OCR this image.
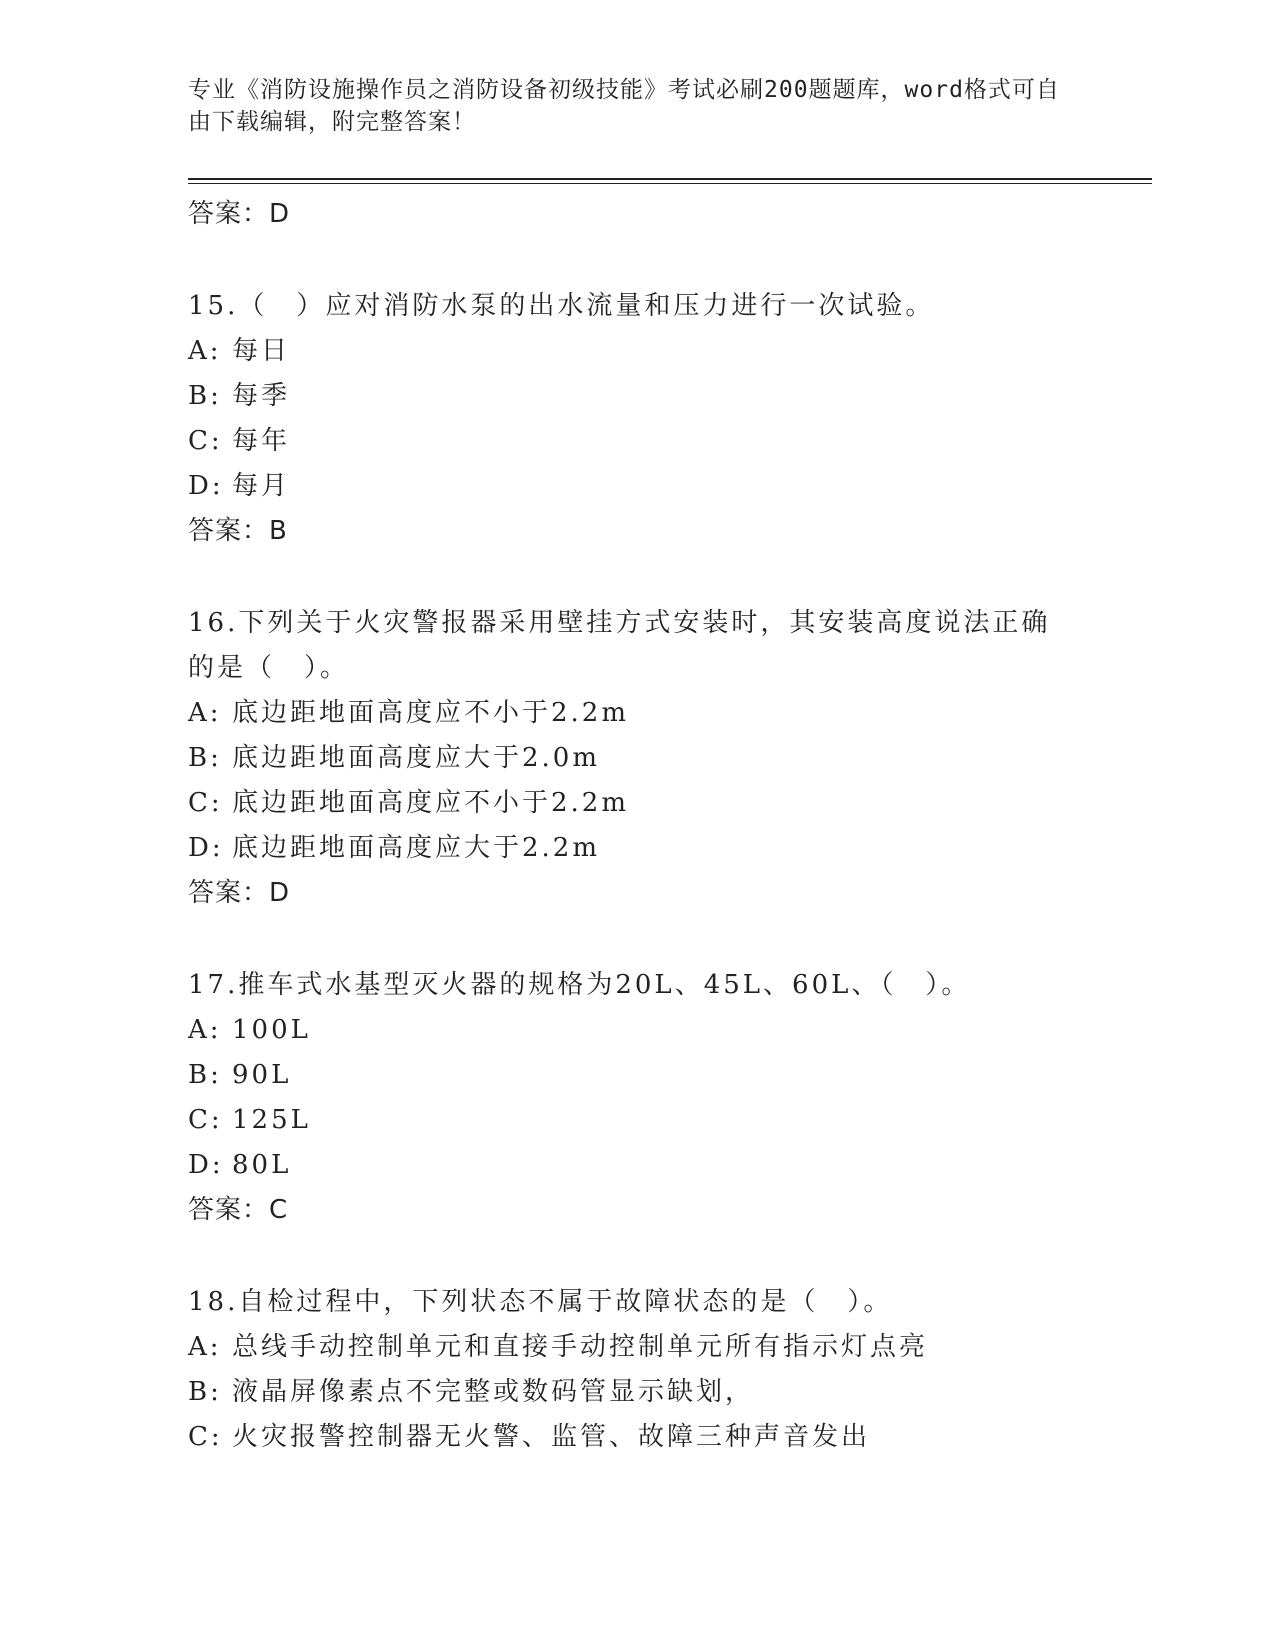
专业《消防设施操作员之消防设备初级技能》考试必刷200题题库，word格式可自由下载编辑，附完整答案！
答案：D
15.（　）应对消防水泵的出水流量和压力进行一次试验。
A: 每日
B: 每季
C: 每年
D: 每月
答案：B
16.下列关于火灾警报器采用壁挂方式安装时，其安装高度说法正确的是（　）。
A: 底边距地面高度应不小于2.2m
B: 底边距地面高度应大于2.0m
C: 底边距地面高度应不小于2.2m
D: 底边距地面高度应大于2.2m
答案：D
17.推车式水基型灭火器的规格为20L、45L、60L、（　）。
A: 100L
B: 90L
C: 125L
D: 80L
答案：C
18.自检过程中，下列状态不属于故障状态的是（　）。
A: 总线手动控制单元和直接手动控制单元所有指示灯点亮
B: 液晶屏像素点不完整或数码管显示缺划，
C: 火灾报警控制器无火警、监管、故障三种声音发出
